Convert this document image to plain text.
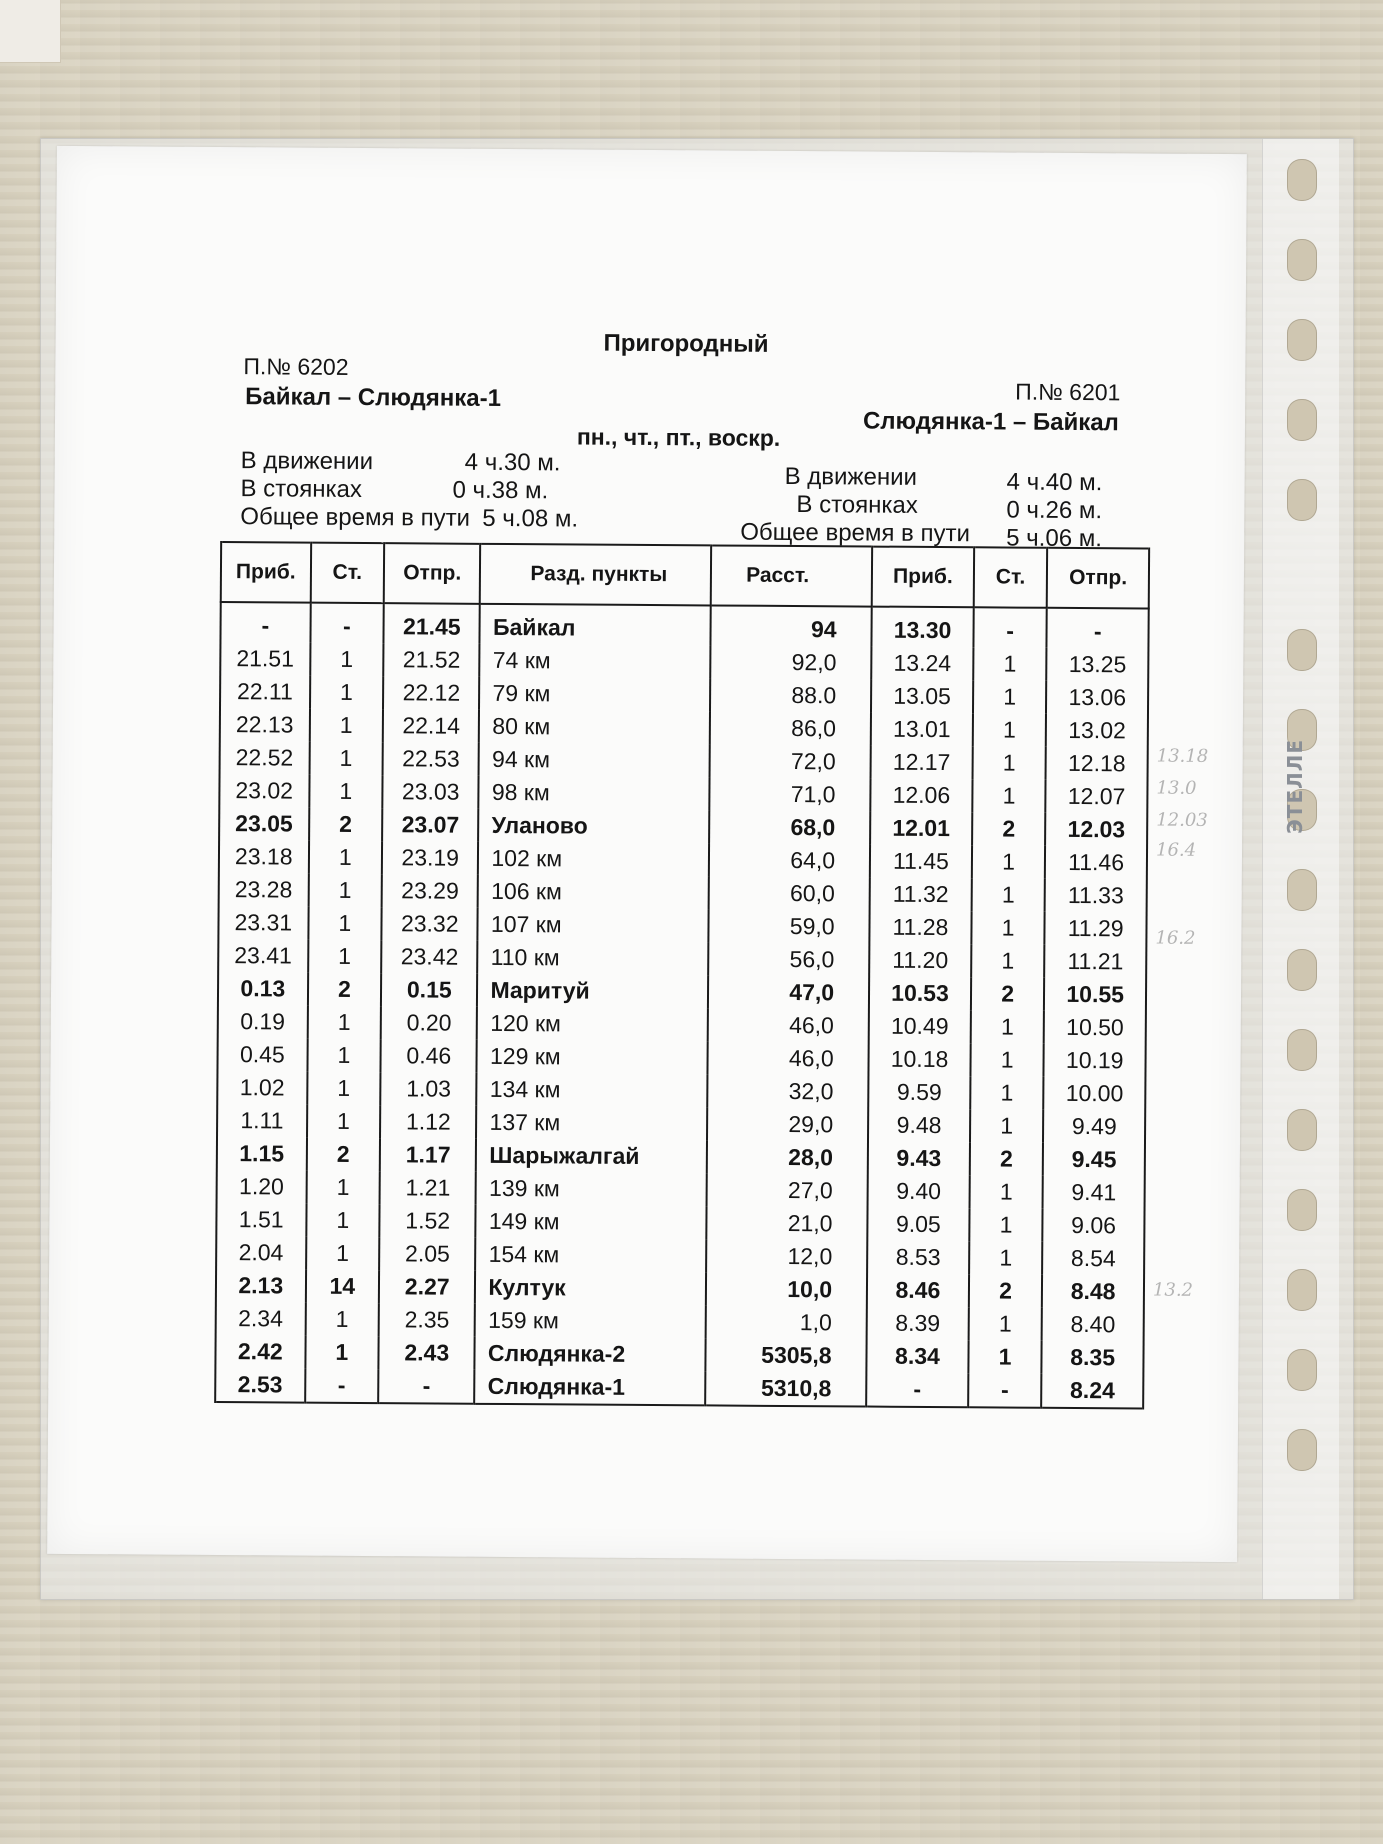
ЭТЕЛЛЕ
Пригородный
П.№ 6202
Байкал – Слюдянка-1	П.№ 6201
Слюдянка-1 – Байкал
пн., чт., пт., воскр.
В движении	4 ч.30 м.
В стоянках	0 ч.38 м.
Общее время в пути 5 ч.08 м.
В движении	4 ч.40 м.
В стоянках	0 ч.26 м.
Общее время в пути 5 ч.06 м.
Приб.	Ст.	Отпр.	Разд. пункты	Расст.	Приб.	Ст.	Отпр.
-	-	21.45	Байкал	94	13.30	-	-
21.51	1	21.52	74 км	92,0	13.24	1	13.25
22.11	1	22.12	79 км	88.0	13.05	1	13.06
22.13	1	22.14	80 км	86,0	13.01	1	13.02
22.52	1	22.53	94 км	72,0	12.17	1	12.18
23.02	1	23.03	98 км	71,0	12.06	1	12.07
23.05	2	23.07	Уланово	68,0	12.01	2	12.03
23.18	1	23.19	102 км	64,0	11.45	1	11.46
23.28	1	23.29	106 км	60,0	11.32	1	11.33
23.31	1	23.32	107 км	59,0	11.28	1	11.29
23.41	1	23.42	110 км	56,0	11.20	1	11.21
0.13	2	0.15	Маритуй	47,0	10.53	2	10.55
0.19	1	0.20	120 км	46,0	10.49	1	10.50
0.45	1	0.46	129 км	46,0	10.18	1	10.19
1.02	1	1.03	134 км	32,0	9.59	1	10.00
1.11	1	1.12	137 км	29,0	9.48	1	9.49
1.15	2	1.17	Шарыжалгай	28,0	9.43	2	9.45
1.20	1	1.21	139 км	27,0	9.40	1	9.41
1.51	1	1.52	149 км	21,0	9.05	1	9.06
2.04	1	2.05	154 км	12,0	8.53	1	8.54
2.13	14	2.27	Култук	10,0	8.46	2	8.48
2.34	1	2.35	159 км	1,0	8.39	1	8.40
2.42	1	2.43	Слюдянка-2	5305,8	8.34	1	8.35
2.53	-	-	Слюдянка-1	5310,8	-	-	8.24
13.18
13.0
12.03
16.4
16.2
13.2
